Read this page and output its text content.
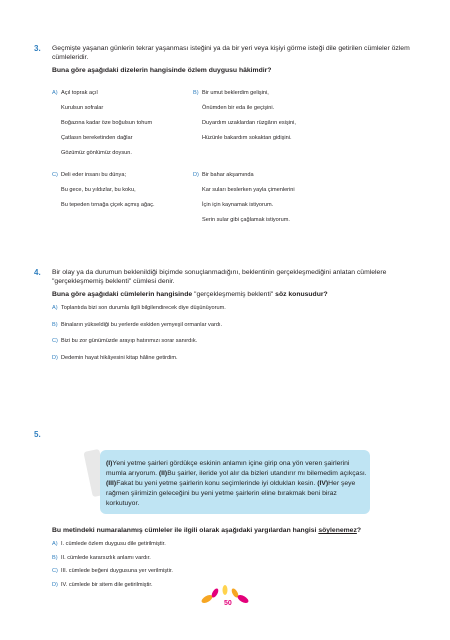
3. Geçmişte yaşanan günlerin tekrar yaşanması isteğini ya da bir yeri veya kişiyi görme isteği dile getirilen cümleler özlem cümleleridir.
Buna göre aşağıdaki dizelerin hangisinde özlem duygusu hâkimdir?
A) Açıl toprak açıl
Kurulsun sofralar
Boğazına kadar öze boğulsun tohum
Çatlasın bereketinden dağlar
Gözümüz gönlümüz doysun.
B) Bir umut beklerdim gelişini,
Önümden bir eda ile geçişini.
Duyardım uzaklardan rüzgârın esişini,
Hüzünle bakardım sokaktan gidişini.
C) Deli eder insanı bu dünya;
Bu gece, bu yıldızlar, bu koku,
Bu tepeden tırnağa çiçek açmış ağaç.
D) Bir bahar akşamında
Kar suları beslerken yayla çimenlerini
İçin için kaynamak istiyorum.
Serin sular gibi çağlamak istiyorum.
4. Bir olay ya da durumun beklenildiği biçimde sonuçlanmadığını, beklentinin gerçekleşmediğini anlatan cümlelere "gerçekleşmemiş beklenti" cümlesi denir.
Buna göre aşağıdaki cümlelerin hangisinde "gerçekleşmemiş beklenti" söz konusudur?
A) Toplantıda bizi son durumla ilgili bilgilendirecek diye düşünüyorum.
B) Binaların yükseldiği bu yerlerde eskiden yemyeşil ormanlar vardı.
C) Bizi bu zor günümüzde arayıp hatırımızı sorar sanırdık.
D) Dedemin hayat hikâyesini kitap hâline getirdim.
5.
(I)Yeni yetme şairleri gördükçe eskinin anlamın içine girip ona yön veren şairlerini mumla arıyorum. (II)Bu şairler, ileride yol alır da bizleri utandırır mı bilemedim açıkçası. (III)Fakat bu yeni yetme şairlerin konu seçimlerinde iyi oldukları kesin. (IV)Her şeye rağmen şiirimizin geleceğini bu yeni yetme şairlerin eline bırakmak beni biraz korkutuyor.
Bu metindeki numaralanmış cümleler ile ilgili olarak aşağıdaki yargılardan hangisi söylenemez?
A) I. cümlede özlem duygusu dile getirilmiştir.
B) II. cümlede kararsızlık anlamı vardır.
C) III. cümlede beğeni duygusuna yer verilmiştir.
D) IV. cümlede bir sitem dile getirilmiştir.
50
